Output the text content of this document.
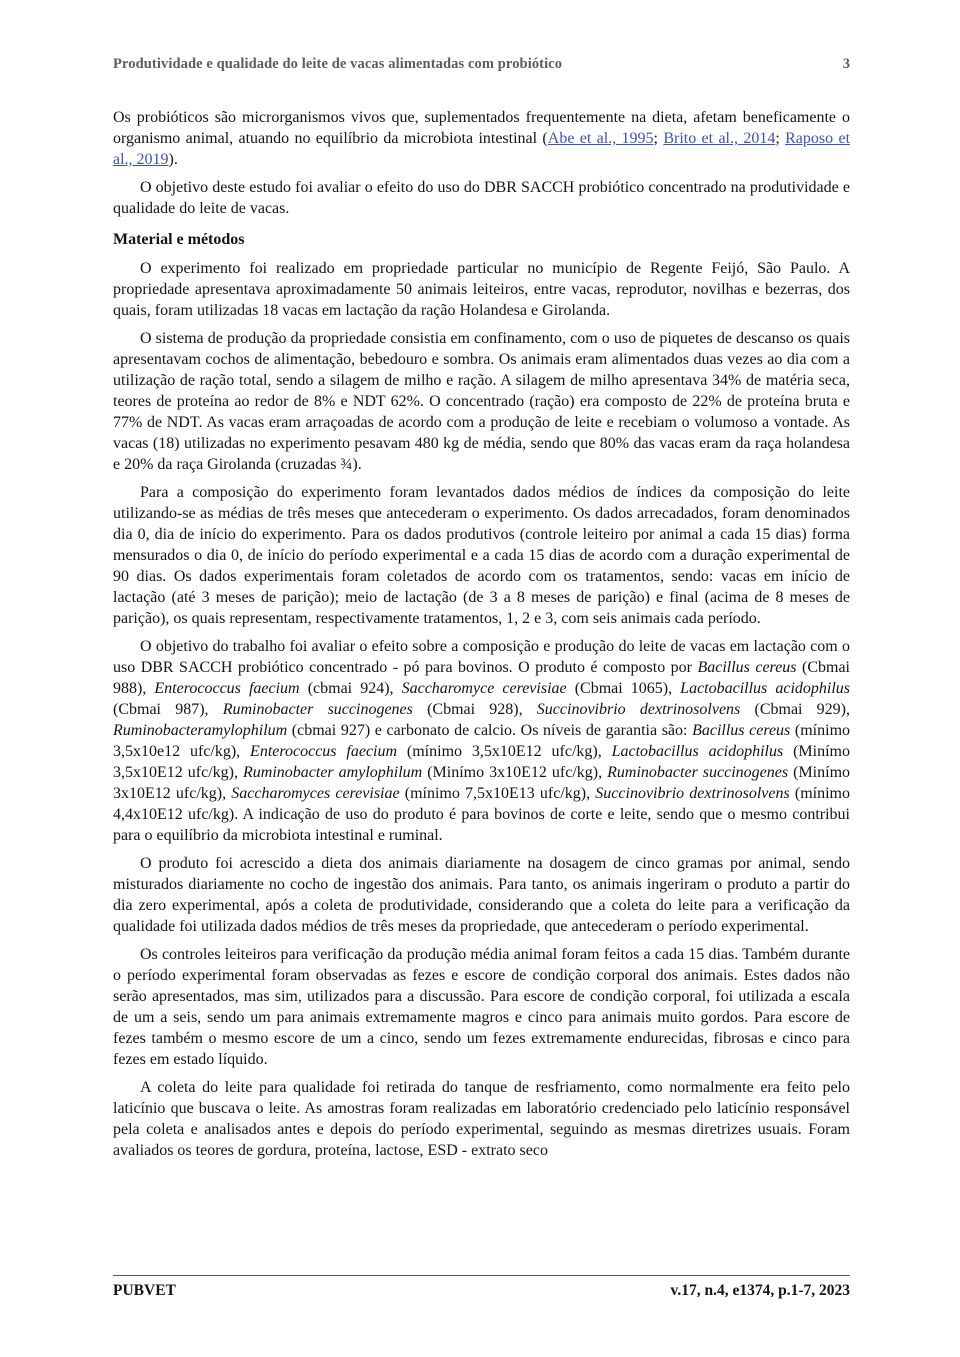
Produtividade e qualidade do leite de vacas alimentadas com probiótico	3

Os probióticos são microrganismos vivos que, suplementados frequentemente na dieta, afetam beneficamente o organismo animal, atuando no equilíbrio da microbiota intestinal (Abe et al., 1995; Brito et al., 2014; Raposo et al., 2019).

O objetivo deste estudo foi avaliar o efeito do uso do DBR SACCH probiótico concentrado na produtividade e qualidade do leite de vacas.

Material e métodos

O experimento foi realizado em propriedade particular no município de Regente Feijó, São Paulo. A propriedade apresentava aproximadamente 50 animais leiteiros, entre vacas, reprodutor, novilhas e bezerras, dos quais, foram utilizadas 18 vacas em lactação da ração Holandesa e Girolanda.

O sistema de produção da propriedade consistia em confinamento, com o uso de piquetes de descanso os quais apresentavam cochos de alimentação, bebedouro e sombra. Os animais eram alimentados duas vezes ao dia com a utilização de ração total, sendo a silagem de milho e ração. A silagem de milho apresentava 34% de matéria seca, teores de proteína ao redor de 8% e NDT 62%. O concentrado (ração) era composto de 22% de proteína bruta e 77% de NDT. As vacas eram arraçoadas de acordo com a produção de leite e recebiam o volumoso a vontade. As vacas (18) utilizadas no experimento pesavam 480 kg de média, sendo que 80% das vacas eram da raça holandesa e 20% da raça Girolanda (cruzadas ¾).

Para a composição do experimento foram levantados dados médios de índices da composição do leite utilizando-se as médias de três meses que antecederam o experimento. Os dados arrecadados, foram denominados dia 0, dia de início do experimento. Para os dados produtivos (controle leiteiro por animal a cada 15 dias) forma mensurados o dia 0, de início do período experimental e a cada 15 dias de acordo com a duração experimental de 90 dias. Os dados experimentais foram coletados de acordo com os tratamentos, sendo: vacas em início de lactação (até 3 meses de parição); meio de lactação (de 3 a 8 meses de parição) e final (acima de 8 meses de parição), os quais representam, respectivamente tratamentos, 1, 2 e 3, com seis animais cada período.

O objetivo do trabalho foi avaliar o efeito sobre a composição e produção do leite de vacas em lactação com o uso DBR SACCH probiótico concentrado - pó para bovinos. O produto é composto por Bacillus cereus (Cbmai 988), Enterococcus faecium (cbmai 924), Saccharomyce cerevisiae (Cbmai 1065), Lactobacillus acidophilus (Cbmai 987), Ruminobacter succinogenes (Cbmai 928), Succinovibrio dextrinosolvens (Cbmai 929), Ruminobacteramylophilum (cbmai 927) e carbonato de calcio. Os níveis de garantia são: Bacillus cereus (mínimo 3,5x10e12 ufc/kg), Enterococcus faecium (mínimo 3,5x10E12 ufc/kg), Lactobacillus acidophilus (Minímo 3,5x10E12 ufc/kg), Ruminobacter amylophilum (Minímo 3x10E12 ufc/kg), Ruminobacter succinogenes (Minímo 3x10E12 ufc/kg), Saccharomyces cerevisiae (mínimo 7,5x10E13 ufc/kg), Succinovibrio dextrinosolvens (mínimo 4,4x10E12 ufc/kg). A indicação de uso do produto é para bovinos de corte e leite, sendo que o mesmo contribui para o equilíbrio da microbiota intestinal e ruminal.

O produto foi acrescido a dieta dos animais diariamente na dosagem de cinco gramas por animal, sendo misturados diariamente no cocho de ingestão dos animais. Para tanto, os animais ingeriram o produto a partir do dia zero experimental, após a coleta de produtividade, considerando que a coleta do leite para a verificação da qualidade foi utilizada dados médios de três meses da propriedade, que antecederam o período experimental.

Os controles leiteiros para verificação da produção média animal foram feitos a cada 15 dias. Também durante o período experimental foram observadas as fezes e escore de condição corporal dos animais. Estes dados não serão apresentados, mas sim, utilizados para a discussão. Para escore de condição corporal, foi utilizada a escala de um a seis, sendo um para animais extremamente magros e cinco para animais muito gordos. Para escore de fezes também o mesmo escore de um a cinco, sendo um fezes extremamente endurecidas, fibrosas e cinco para fezes em estado líquido.

A coleta do leite para qualidade foi retirada do tanque de resfriamento, como normalmente era feito pelo laticínio que buscava o leite. As amostras foram realizadas em laboratório credenciado pelo laticínio responsável pela coleta e analisados antes e depois do período experimental, seguindo as mesmas diretrizes usuais. Foram avaliados os teores de gordura, proteína, lactose, ESD - extrato seco

PUBVET	v.17, n.4, e1374, p.1-7, 2023
